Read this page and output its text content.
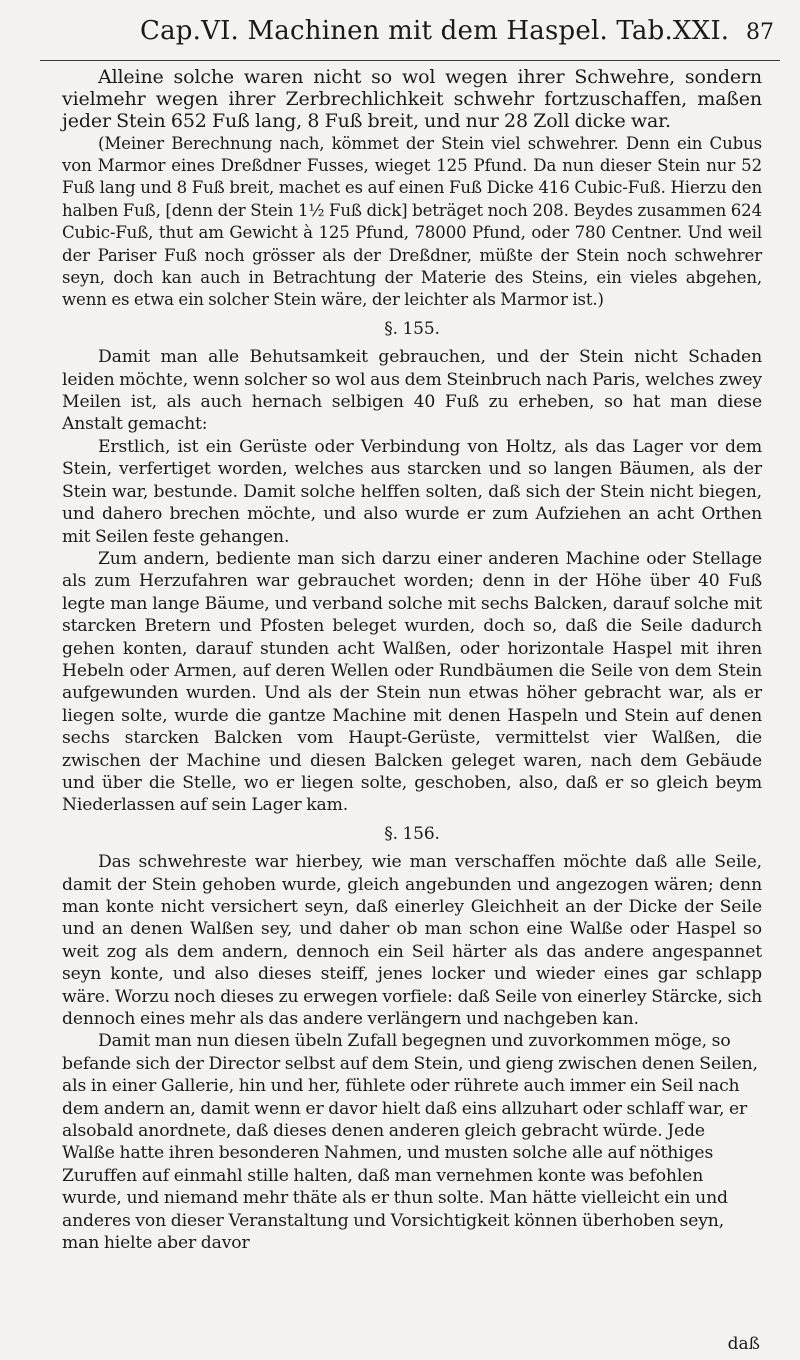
Cap.VI. Machinen mit dem Haspel. Tab.XXI. 87

Alleine solche waren nicht so wol wegen ihrer Schwehre, sondern vielmehr wegen ihrer Zerbrechlichkeit schwehr fortzuschaffen, maßen jeder Stein 652 Fuß lang, 8 Fuß breit, und nur 28 Zoll dicke war.

(Meiner Berechnung nach, kömmet der Stein viel schwehrer. Denn ein Cubus von Marmor eines Dreßdner Fusses, wieget 125 Pfund. Da nun dieser Stein nur 52 Fuß lang und 8 Fuß breit, machet es auf einen Fuß Dicke 416 Cubic-Fuß. Hierzu den halben Fuß, [denn der Stein 1½ Fuß dick] beträget noch 208. Beydes zusammen 624 Cubic-Fuß, thut am Gewicht à 125 Pfund, 78000 Pfund, oder 780 Centner. Und weil der Pariser Fuß noch grösser als der Dreßdner, müßte der Stein noch schwehrer seyn, doch kan auch in Betrachtung der Materie des Steins, ein vieles abgehen, wenn es etwa ein solcher Stein wäre, der leichter als Marmor ist.)

§. 155.

Damit man alle Behutsamkeit gebrauchen, und der Stein nicht Schaden leiden möchte, wenn solcher so wol aus dem Steinbruch nach Paris, welches zwey Meilen ist, als auch hernach selbigen 40 Fuß zu erheben, so hat man diese Anstalt gemacht:

Erstlich, ist ein Gerüste oder Verbindung von Holtz, als das Lager vor dem Stein, verfertiget worden, welches aus starcken und so langen Bäumen, als der Stein war, bestunde. Damit solche helffen solten, daß sich der Stein nicht biegen, und dahero brechen möchte, und also wurde er zum Aufziehen an acht Orthen mit Seilen feste gehangen.

Zum andern, bediente man sich darzu einer anderen Machine oder Stellage als zum Herzufahren war gebrauchet worden; denn in der Höhe über 40 Fuß legte man lange Bäume, und verband solche mit sechs Balcken, darauf solche mit starcken Bretern und Pfosten beleget wurden, doch so, daß die Seile dadurch gehen konten, darauf stunden acht Walßen, oder horizontale Haspel mit ihren Hebeln oder Armen, auf deren Wellen oder Rundbäumen die Seile von dem Stein aufgewunden wurden. Und als der Stein nun etwas höher gebracht war, als er liegen solte, wurde die gantze Machine mit denen Haspeln und Stein auf denen sechs starcken Balcken vom Haupt-Gerüste, vermittelst vier Walßen, die zwischen der Machine und diesen Balcken geleget waren, nach dem Gebäude und über die Stelle, wo er liegen solte, geschoben, also, daß er so gleich beym Niederlassen auf sein Lager kam.

§. 156.

Das schwehreste war hierbey, wie man verschaffen möchte daß alle Seile, damit der Stein gehoben wurde, gleich angebunden und angezogen wären; denn man konte nicht versichert seyn, daß einerley Gleichheit an der Dicke der Seile und an denen Walßen sey, und daher ob man schon eine Walße oder Haspel so weit zog als dem andern, dennoch ein Seil härter als das andere angespannet seyn konte, und also dieses steiff, jenes locker und wieder eines gar schlapp wäre. Worzu noch dieses zu erwegen vorfiele: daß Seile von einerley Stärcke, sich dennoch eines mehr als das andere verlängern und nachgeben kan.

Damit man nun diesen übeln Zufall begegnen und zuvorkommen möge, so befande sich der Director selbst auf dem Stein, und gieng zwischen denen Seilen, als in einer Gallerie, hin und her, fühlete oder rührete auch immer ein Seil nach dem andern an, damit wenn er davor hielt daß eins allzuhart oder schlaff war, er alsobald anordnete, daß dieses denen anderen gleich gebracht würde. Jede Walße hatte ihren besonderen Nahmen, und musten solche alle auf nöthiges Zuruffen auf einmahl stille halten, daß man vernehmen konte was befohlen wurde, und niemand mehr thäte als er thun solte. Man hätte vielleicht ein und anderes von dieser Veranstaltung und Vorsichtigkeit können überhoben seyn, man hielte aber davor

daß
